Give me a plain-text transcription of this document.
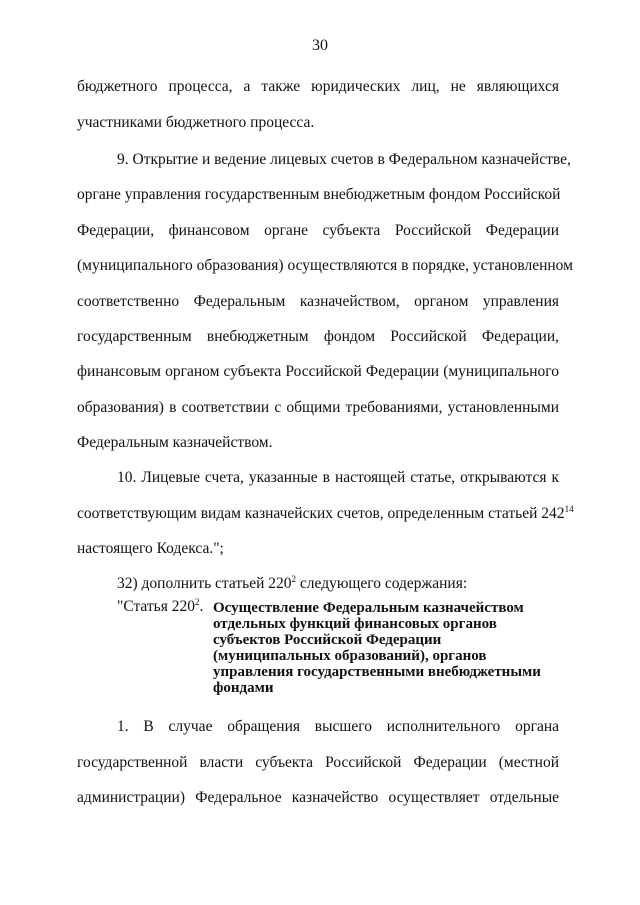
30
бюджетного процесса, а также юридических лиц, не являющихся
участниками бюджетного процесса.
9. Открытие и ведение лицевых счетов в Федеральном казначействе,
органе управления государственным внебюджетным фондом Российской
Федерации, финансовом органе субъекта Российской Федерации
(муниципального образования) осуществляются в порядке, установленном
соответственно Федеральным казначейством, органом управления
государственным внебюджетным фондом Российской Федерации,
финансовым органом субъекта Российской Федерации (муниципального
образования) в соответствии с общими требованиями, установленными
Федеральным казначейством.
10. Лицевые счета, указанные в настоящей статье, открываются к
соответствующим видам казначейских счетов, определенным статьей $242^{14}$
настоящего Кодекса.";
32) дополнить статьей $220^2$ следующего содержания:
"Статья $220^2$. Осуществление Федеральным казначейством
отдельных функций финансовых органов
субъектов Российской Федерации
(муниципальных образований), органов
управления государственными внебюджетными
фондами
1. В случае обращения высшего исполнительного органа
государственной власти субъекта Российской Федерации (местной
администрации) Федеральное казначейство осуществляет отдельные
